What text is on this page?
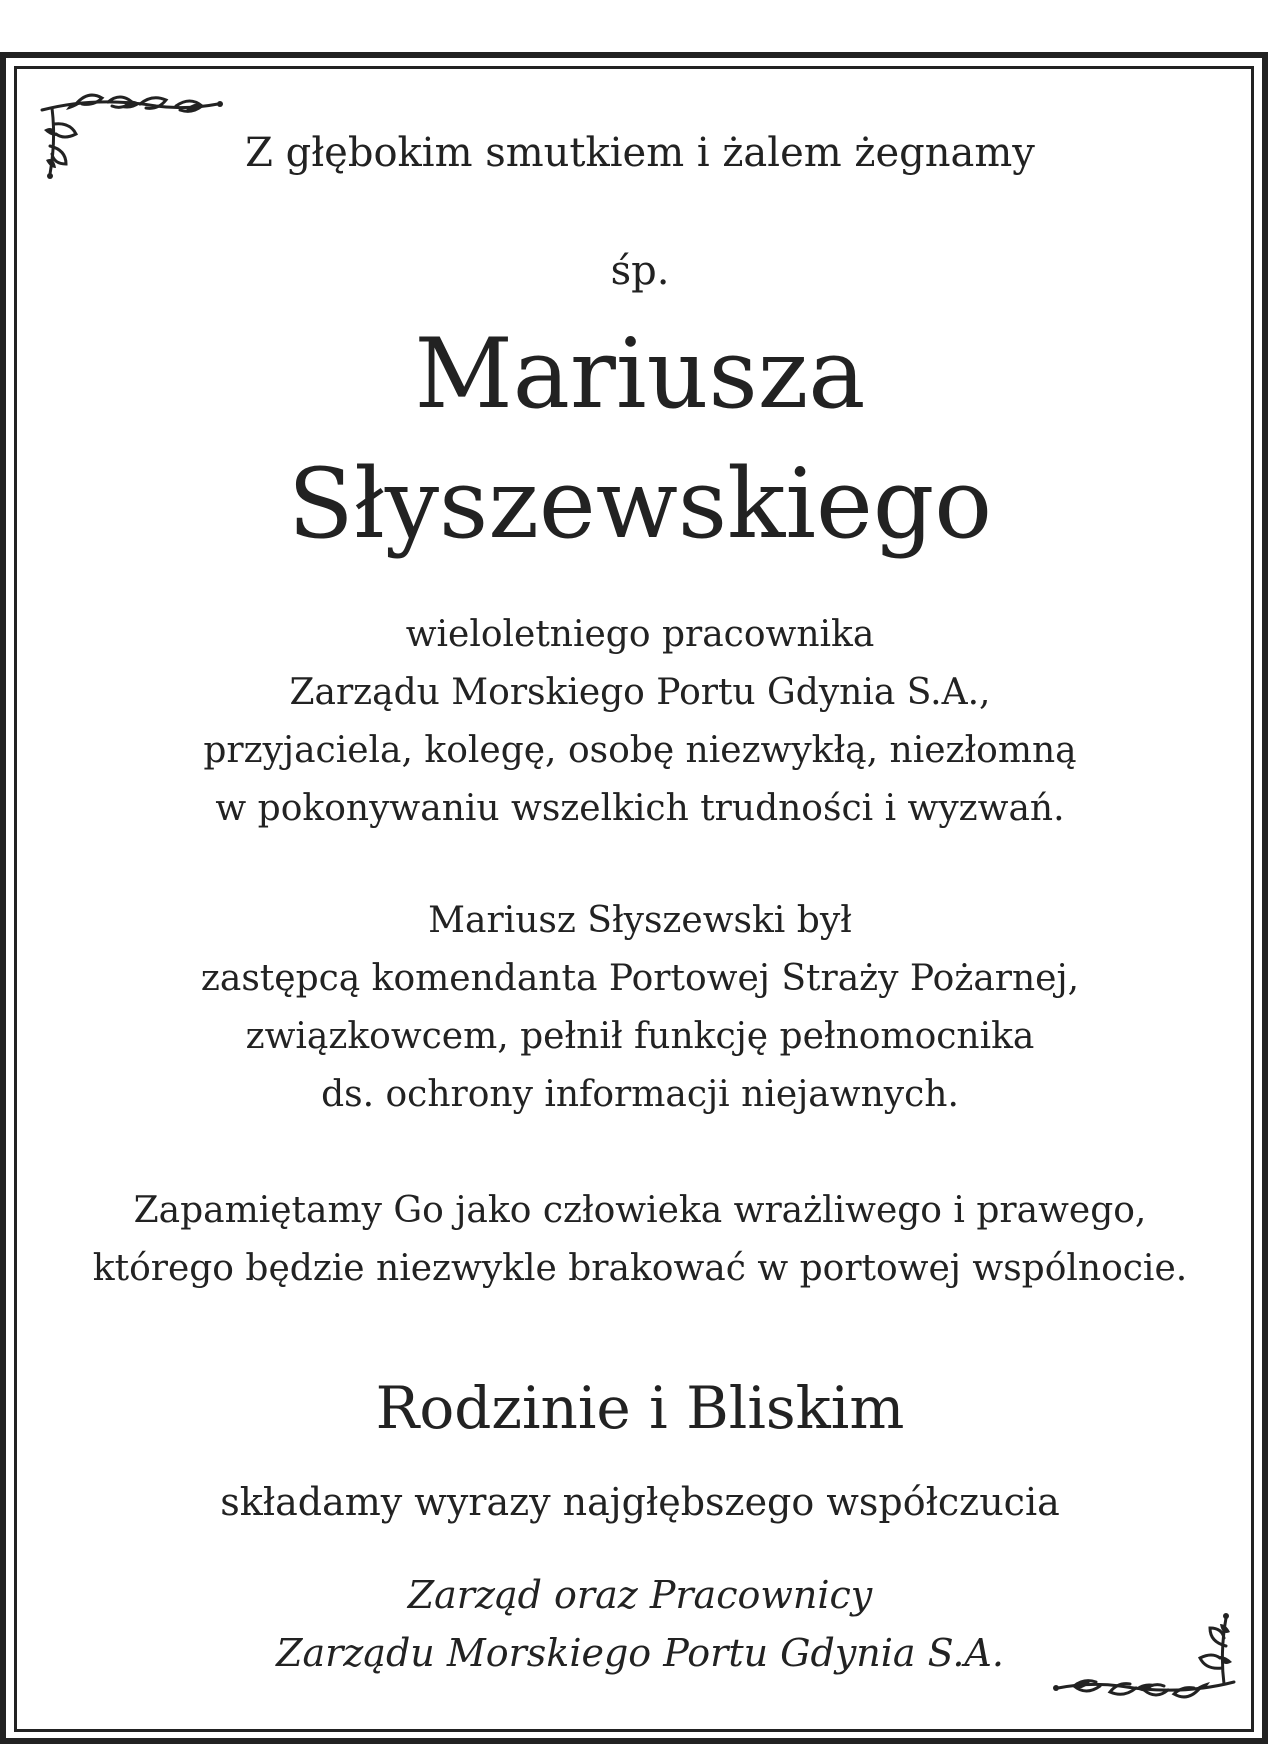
Z głębokim smutkiem i żalem żegnamy
śp.
Mariusza
Słyszewskiego
wieloletniego pracownika
Zarządu Morskiego Portu Gdynia S.A.,
przyjaciela, kolegę, osobę niezwykłą, niezłomną
w pokonywaniu wszelkich trudności i wyzwań.
Mariusz Słyszewski był
zastępcą komendanta Portowej Straży Pożarnej,
związkowcem, pełnił funkcję pełnomocnika
ds. ochrony informacji niejawnych.
Zapamiętamy Go jako człowieka wrażliwego i prawego,
którego będzie niezwykle brakować w portowej wspólnocie.
Rodzinie i Bliskim
składamy wyrazy najgłębszego współczucia
Zarząd oraz Pracownicy
Zarządu Morskiego Portu Gdynia S.A.
